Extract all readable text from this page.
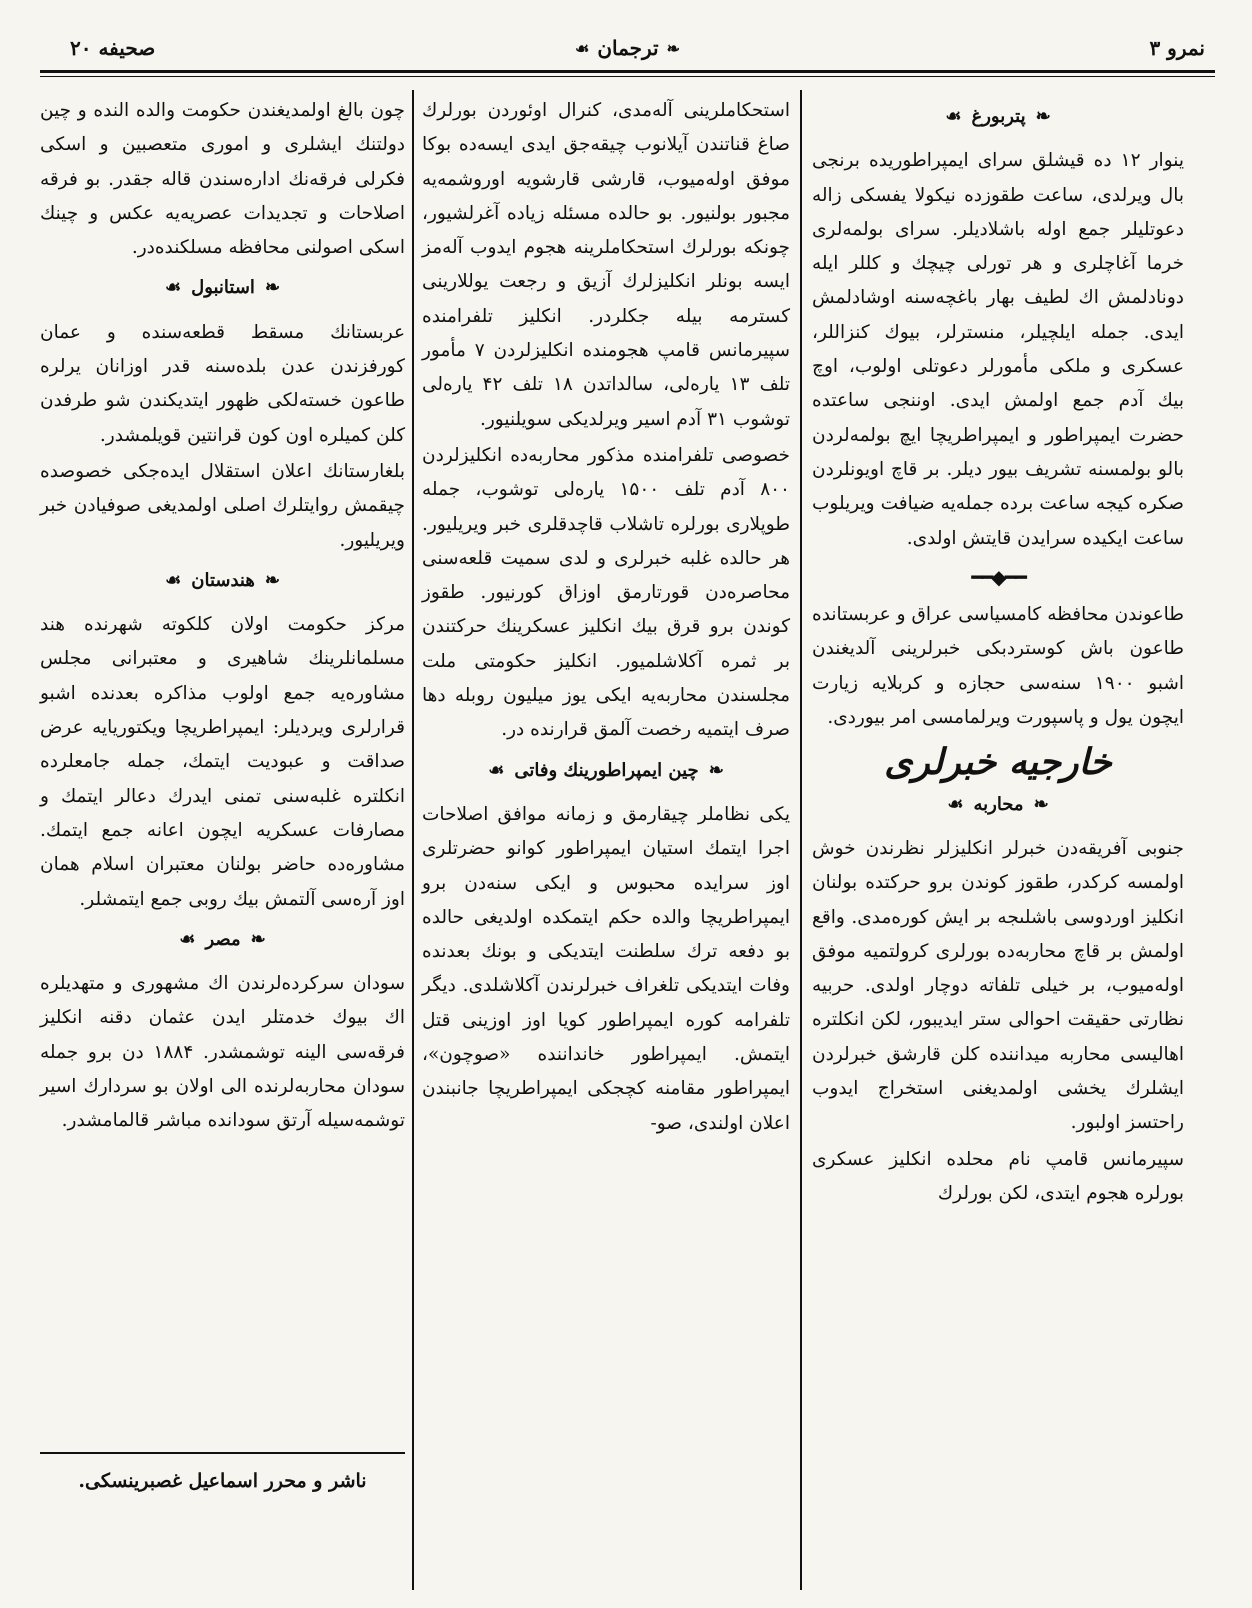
صحيفه ۲۰	❧
ترجمان
☙	نمرو ۳
❧
پتربورغ
☙

ينوار ۱۲ ده قيشلق سراى ايمپراطوريده برنجى بال ويرلدى، ساعت طقوزده نيكولا يفسكى زاله دعوتليلر جمع اوله باشلاديلر. سراى بولمه‌لرى خرما آغاچلرى و هر تورلى چيچك و كللر ايله دونادلمش اك لطيف بهار باغچه‌سنه اوشادلمش ايدى. جمله ايلچيلر، منسترلر، بيوك كنزاللر، عسكرى و ملكى مأمورلر دعوتلى اولوب، اوچ بيك آدم جمع اولمش ايدى. اوننجى ساعتده حضرت ايمپراطور و ايمپراطريچا ايچ بولمه‌لردن بالو بولمسنه تشريف بيور ديلر. بر قاچ اويونلردن صكره كيجه ساعت برده جمله‌يه ضيافت ويريلوب ساعت ايكيده سرايدن قايتش اولدى.

━━◆━━

طاعوندن محافظه كامسياسى عراق و عربستانده طاعون باش كوستردبكى خبرلرينى آلديغندن اشبو ۱۹۰۰ سنه‌سى حجازه و كربلايه زيارت ايچون يول و پاسپورت ويرلمامسى امر بيوردى.

خارجيه خبرلرى
❧
محاربه
☙

جنوبى آفريقه‌دن خبرلر انكليزلر نظرندن خوش اولمسه كركدر، طقوز كوندن برو حركتده بولنان انكليز اوردوسى باشلىجه بر ايش كوره‌مدى. واقع اولمش بر قاچ محاربه‌ده بورلرى كرولتميه موفق اوله‌ميوب، بر خيلى تلفاته دوچار اولدى. حربيه نظارتى حقيقت احوالى ستر ايديبور، لكن انكلتره اهاليسى محاربه ميداننده كلن قارشق خبرلردن ايشلرك يخشى اولمديغنى استخراج ايدوب راحتسز اولبور.

سپيرمانس قامپ نام محلده انكليز عسكرى بورلره هجوم ايتدى، لكن بورلرك

استحكاملرينى آله‌مدى، كنرال اوئوردن بورلرك صاغ قناتندن آيلانوب چيقه‌جق ايدى ايسه‌ده بوكا موفق اوله‌ميوب، قارشى قارشويه اوروشمه‌يه مجبور بولنيور. بو حالده مسئله زياده آغرلشيور، چونكه بورلرك استحكاملرينه هجوم ايدوب آله‌مز ايسه بونلر انكليزلرك آزيق و رجعت يوللارينى كسترمه بيله جكلردر. انكليز تلفرامنده سپيرمانس قامپ هجومنده انكليزلردن ۷ مأمور تلف ۱۳ يارەلى، سالداتدن ۱۸ تلف ۴۲ يارەلى توشوب ۳۱ آدم اسير ويرلديكى سويلنيور.

خصوصى تلفرامنده مذكور محاربه‌ده انكليزلردن ۸۰۰ آدم تلف ۱۵۰۰ يارەلى توشوب، جمله طوپلارى بورلره تاشلاب قاچدقلرى خبر ويريليور. هر حالده غلبه خبرلرى و لدى سميت قلعه‌سنى محاصره‌دن قورتارمق اوزاق كورنيور. طقوز كوندن برو قرق بيك انكليز عسكرينك حركتندن بر ثمره آكلاشلميور. انكليز حكومتى ملت مجلسندن محاربه‌يه ايكى يوز ميليون روبله دها صرف ايتميه رخصت آلمق قرارنده در.

❧
چين ايمپراطورينك وفاتى
☙

يكى نظاملر چيقارمق و زمانه موافق اصلاحات اجرا ايتمك استيان ايمپراطور كوانو حضرتلرى اوز سرايده محبوس و ايكى سنه‌دن برو ايمپراطريچا والده حكم ايتمكده اولديغى حالده بو دفعه ترك سلطنت ايتديكى و بونك بعدنده وفات ايتديكى تلغراف خبرلرندن آكلاشلدى. ديگر تلفرامه كوره ايمپراطور كويا اوز اوزينى قتل ايتمش. ايمپراطور خانداننده «صوچون»، ايمپراطور مقامنه كچجكى ايمپراطريچا جانبندن اعلان اولندى، صو-

چون بالغ اولمديغندن حكومت والده النده و چين دولتنك ايشلرى و امورى متعصبين و اسكى فكرلى فرقه‌نك اداره‌سندن قاله جقدر. بو فرقه اصلاحات و تجديدات عصريه‌يه عكس و چينك اسكى اصولنى محافظه مسلكنده‌در.

❧
استانبول
☙

عربستانك مسقط قطعه‌سنده و عمان كورفزندن عدن بلده‌سنه قدر اوزانان يرلره طاعون خسته‌لكى ظهور ايتديكندن شو طرفدن كلن كميلره اون كون قرانتين قويلمشدر.

بلغارستانك اعلان استقلال ايده‌جكى خصوصده چيقمش روايتلرك اصلى اولمديغى صوفيادن خبر ويريليور.

❧
هندستان
☙

مركز حكومت اولان كلكوته شهرنده هند مسلمانلرينك شاهيرى و معتبرانى مجلس مشاوره‌يه جمع اولوب مذاكره بعدنده اشبو قرارلرى ويرديلر: ايمپراطريچا ويكتوريايه عرض صداقت و عبوديت ايتمك، جمله جامعلرده انكلتره غلبه‌سنى تمنى ايدرك دعالر ايتمك و مصارفات عسكريه ايچون اعانه جمع ايتمك. مشاوره‌ده حاضر بولنان معتبران اسلام همان اوز آره‌سى آلتمش بيك روبى جمع ايتمشلر.

❧
مصر
☙

سودان سركرده‌لرندن اك مشهورى و متهديلره اك بيوك خدمتلر ايدن عثمان دقنه انكليز فرقه‌سى الينه توشمشدر. ۱۸۸۴ دن برو جمله سودان محاربه‌لرنده الى اولان بو سردارك اسير توشمه‌سيله آرتق سودانده مباشر قالمامشدر.

ناشر و محرر اسماعيل غصبرينسكى.
